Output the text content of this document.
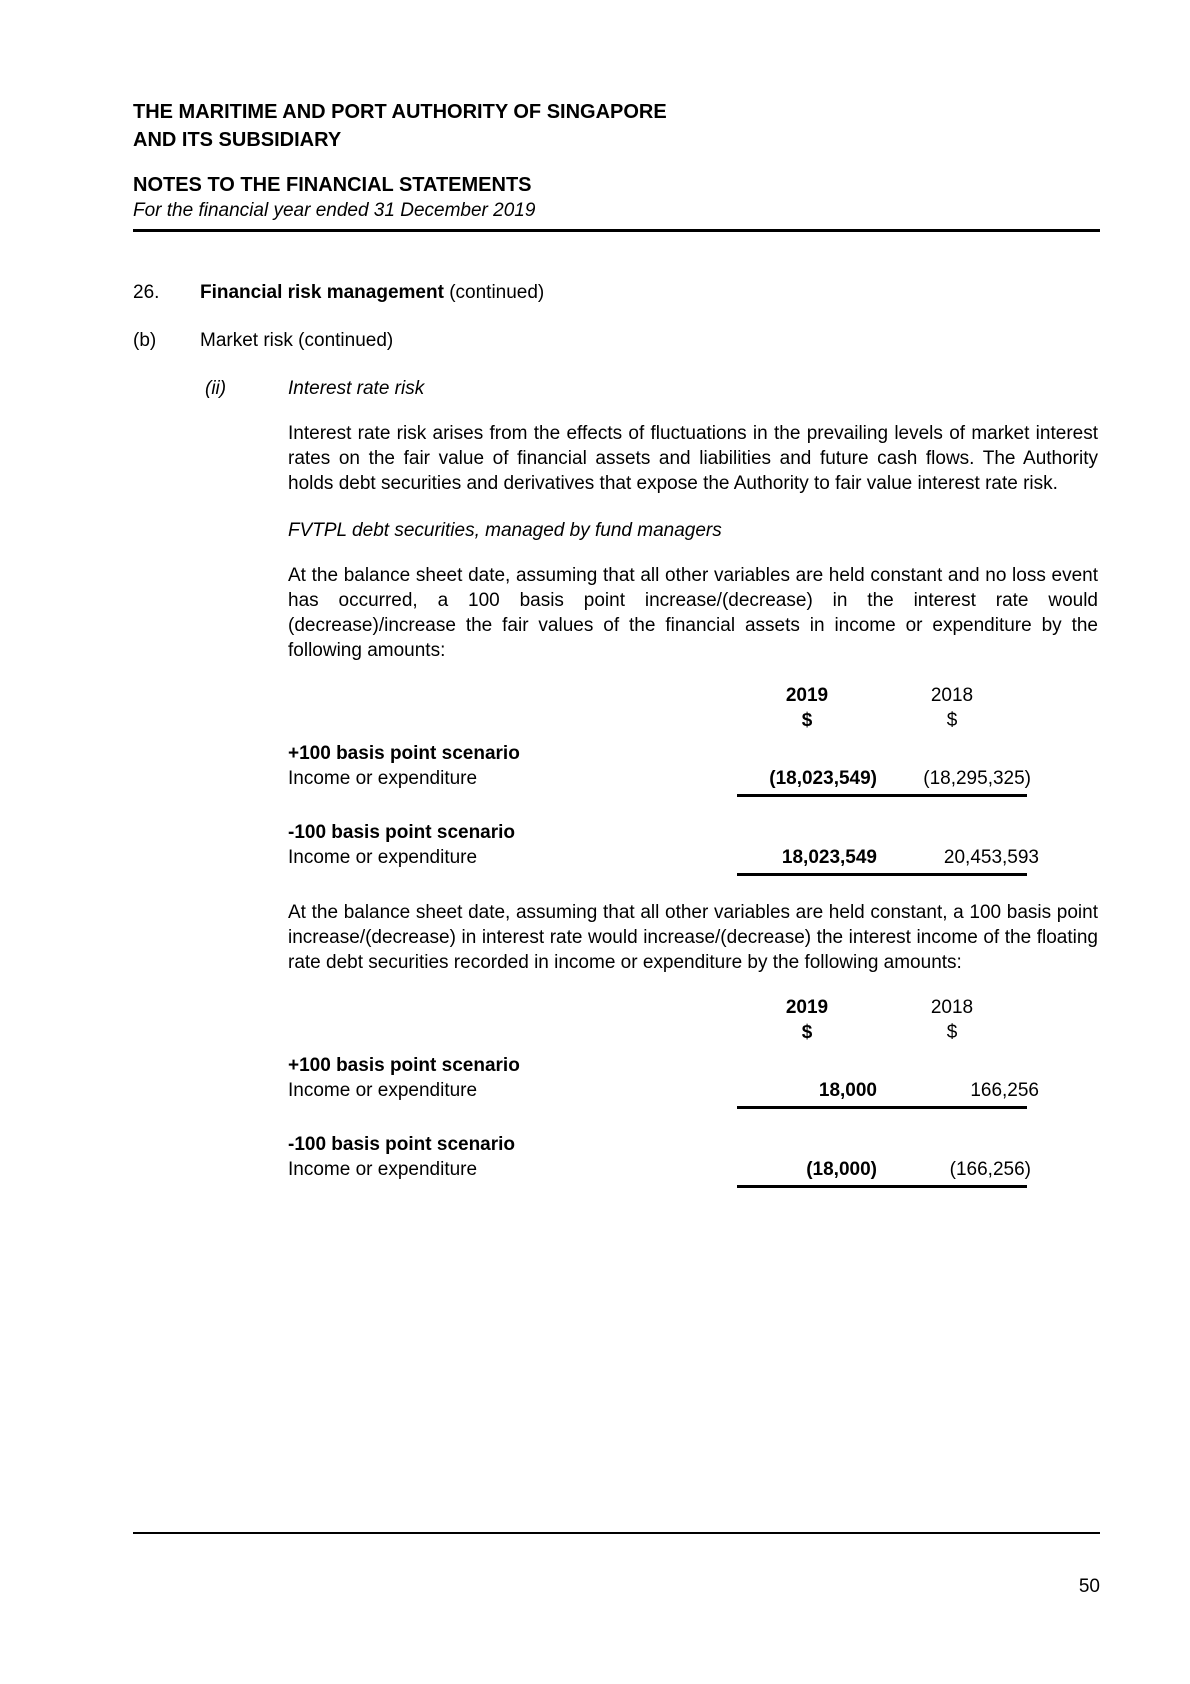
THE MARITIME AND PORT AUTHORITY OF SINGAPORE
AND ITS SUBSIDIARY
NOTES TO THE FINANCIAL STATEMENTS
For the financial year ended 31 December 2019
26.	Financial risk management (continued)
(b)	Market risk (continued)
(ii)	Interest rate risk
Interest rate risk arises from the effects of fluctuations in the prevailing levels of market interest rates on the fair value of financial assets and liabilities and future cash flows. The Authority holds debt securities and derivatives that expose the Authority to fair value interest rate risk.
FVTPL debt securities, managed by fund managers
At the balance sheet date, assuming that all other variables are held constant and no loss event has occurred, a 100 basis point increase/(decrease) in the interest rate would (decrease)/increase the fair values of the financial assets in income or expenditure by the following amounts:
2019	2018
$	$
+100 basis point scenario
Income or expenditure	(18,023,549)	(18,295,325)
-100 basis point scenario
Income or expenditure	18,023,549	20,453,593
At the balance sheet date, assuming that all other variables are held constant, a 100 basis point increase/(decrease) in interest rate would increase/(decrease) the interest income of the floating rate debt securities recorded in income or expenditure by the following amounts:
2019	2018
$	$
+100 basis point scenario
Income or expenditure	18,000	166,256
-100 basis point scenario
Income or expenditure	(18,000)	(166,256)
50
